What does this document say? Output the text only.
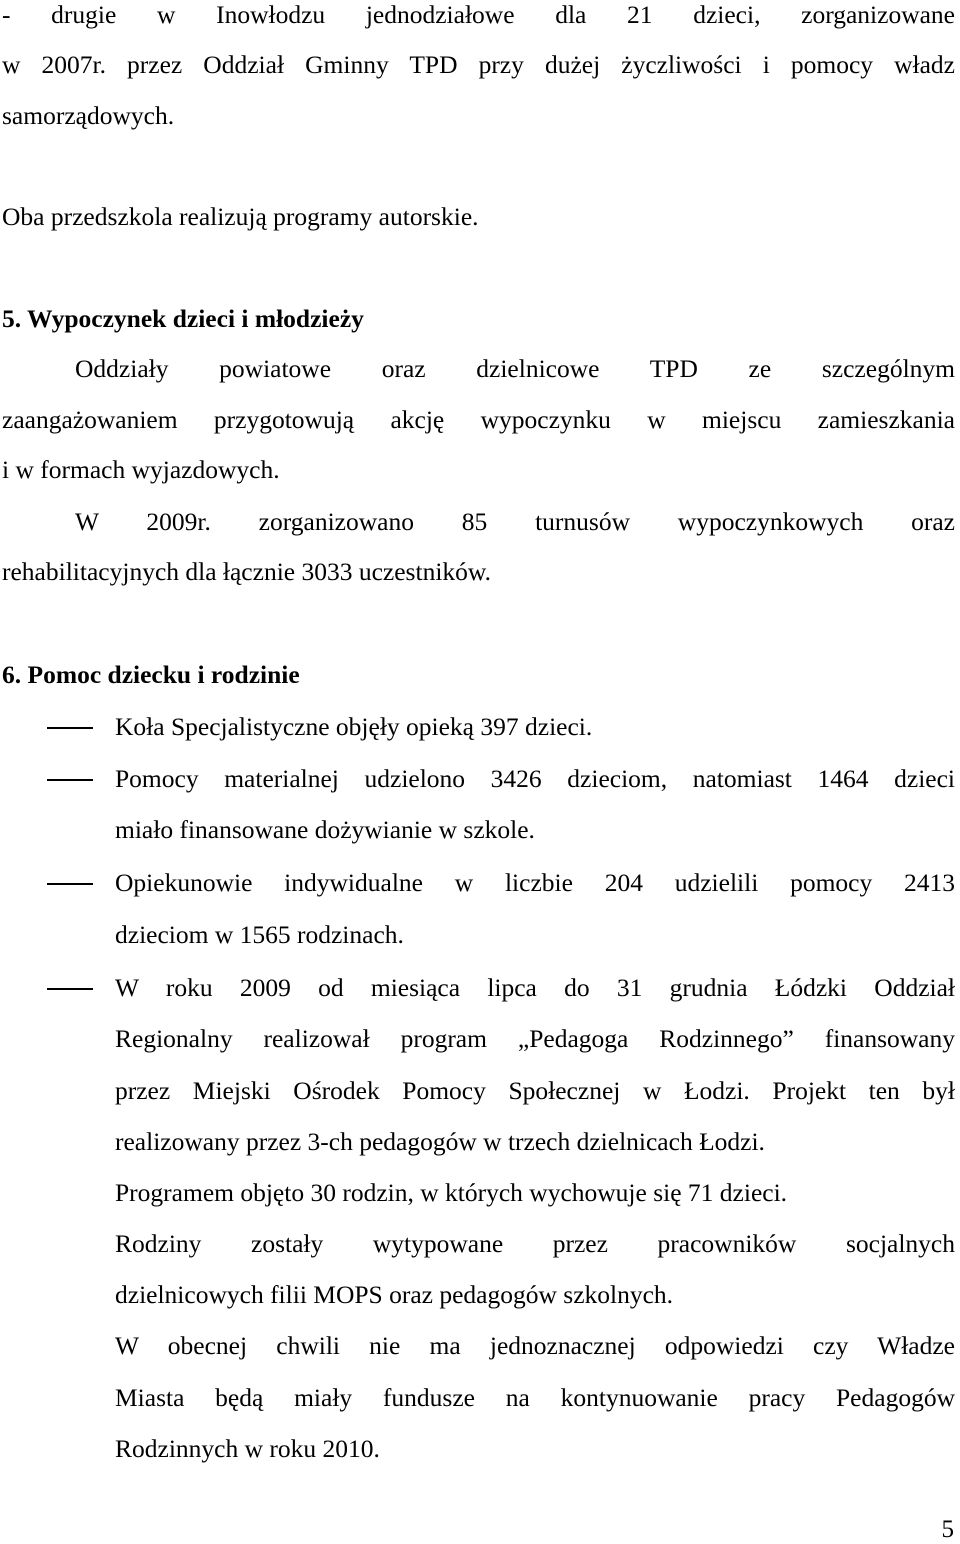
- drugie w Inowłodzu jednodziałowe dla 21 dzieci, zorganizowane
w 2007r. przez Oddział Gminny TPD przy dużej życzliwości i pomocy władz
samorządowych.
Oba przedszkola realizują programy autorskie.
5. Wypoczynek dzieci i młodzieży
Oddziały powiatowe oraz dzielnicowe TPD ze szczególnym
zaangażowaniem przygotowują akcję wypoczynku w miejscu zamieszkania
i w formach wyjazdowych.
W 2009r. zorganizowano 85 turnusów wypoczynkowych oraz
rehabilitacyjnych dla łącznie 3033 uczestników.
6. Pomoc dziecku i rodzinie
Koła Specjalistyczne objęły opieką 397 dzieci.
Pomocy materialnej udzielono 3426 dzieciom, natomiast 1464 dzieci
miało finansowane dożywianie w szkole.
Opiekunowie indywidualne w liczbie 204 udzielili pomocy 2413
dzieciom w 1565 rodzinach.
W roku 2009 od miesiąca lipca do 31 grudnia Łódzki Oddział
Regionalny realizował program „Pedagoga Rodzinnego” finansowany
przez Miejski Ośrodek Pomocy Społecznej w Łodzi. Projekt ten był
realizowany przez 3-ch pedagogów w trzech dzielnicach Łodzi.
Programem objęto 30 rodzin, w których wychowuje się 71 dzieci.
Rodziny zostały wytypowane przez pracowników socjalnych
dzielnicowych filii MOPS oraz pedagogów szkolnych.
W obecnej chwili nie ma jednoznacznej odpowiedzi czy Władze
Miasta będą miały fundusze na kontynuowanie pracy Pedagogów
Rodzinnych w roku 2010.
5
